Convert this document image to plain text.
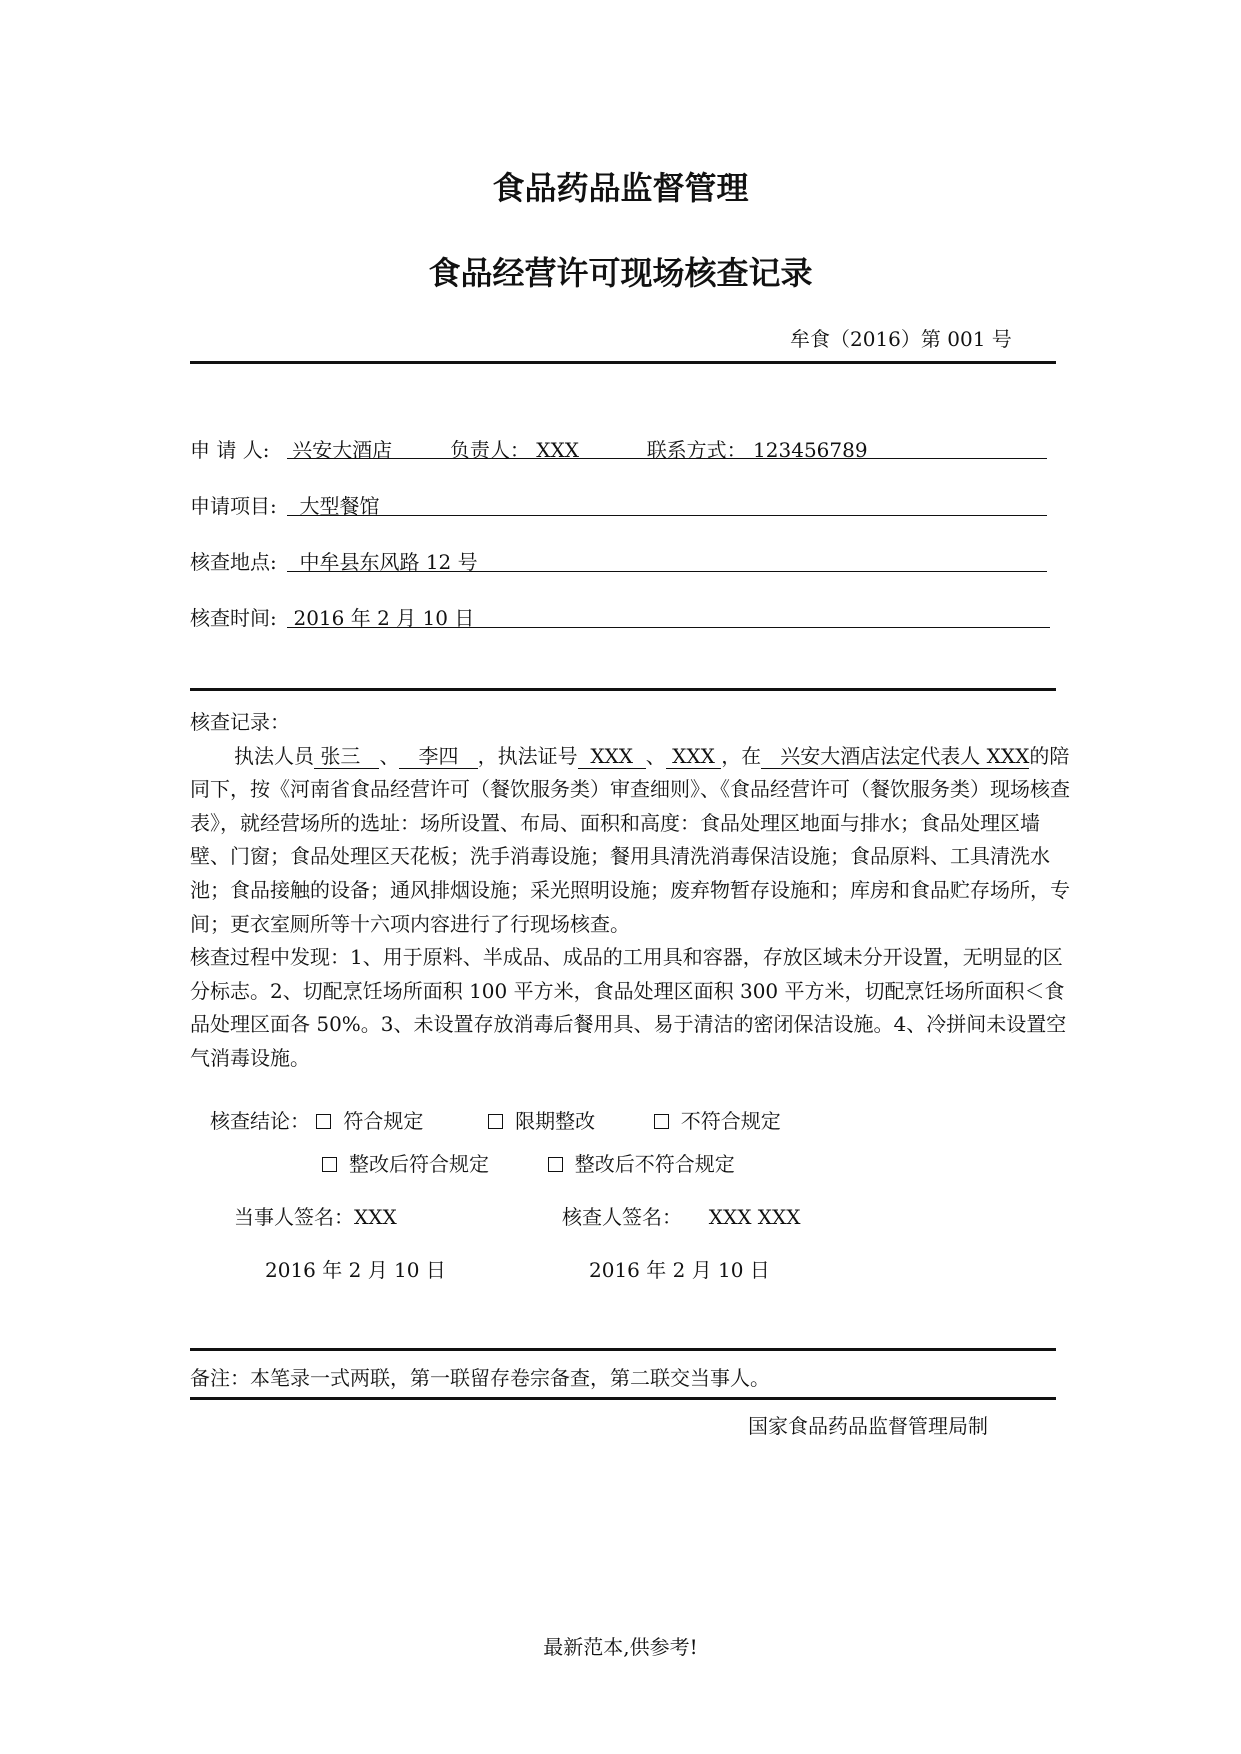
食品药品监督管理
食品经营许可现场核查记录
牟食（2016）第 001 号
申 请 人: 兴安大酒店	负责人： XXX	联系方式： 123456789
申请项目: 大型餐馆
核查地点: 中牟县东风路 12 号
核查时间: 2016 年 2 月 10 日

核查记录：

执法人员 张三 、 李四 ，执法证号 XXX 、 XXX ，在 兴安大酒店法定代表人 XXX的陪同下，按《河南省食品经营许可（餐饮服务类）审查细则》、《食品经营许可（餐饮服务类）现场核查表》，就经营场所的选址：场所设置、布局、面积和高度：食品处理区地面与排水；食品处理区墙壁、门窗；食品处理区天花板；洗手消毒设施；餐用具清洗消毒保洁设施；食品原料、工具清洗水池；食品接触的设备；通风排烟设施；采光照明设施；废弃物暂存设施和；库房和食品贮存场所，专间；更衣室厕所等十六项内容进行了行现场核查。

核查过程中发现：1、用于原料、半成品、成品的工用具和容器，存放区域未分开设置，无明显的区分标志。2、切配烹饪场所面积 100 平方米，食品处理区面积 300 平方米，切配烹饪场所面积＜食品处理区面各 50%。3、未设置存放消毒后餐用具、易于清洁的密闭保洁设施。4、冷拼间未设置空气消毒设施。

核查结论： 符合规定	限期整改	不符合规定
整改后符合规定	整改后不符合规定
当事人签名：XXX	核查人签名： XXX XXX
2016 年 2 月 10 日	2016 年 2 月 10 日
备注：本笔录一式两联，第一联留存卷宗备查，第二联交当事人。
国家食品药品监督管理局制
最新范本,供参考!
